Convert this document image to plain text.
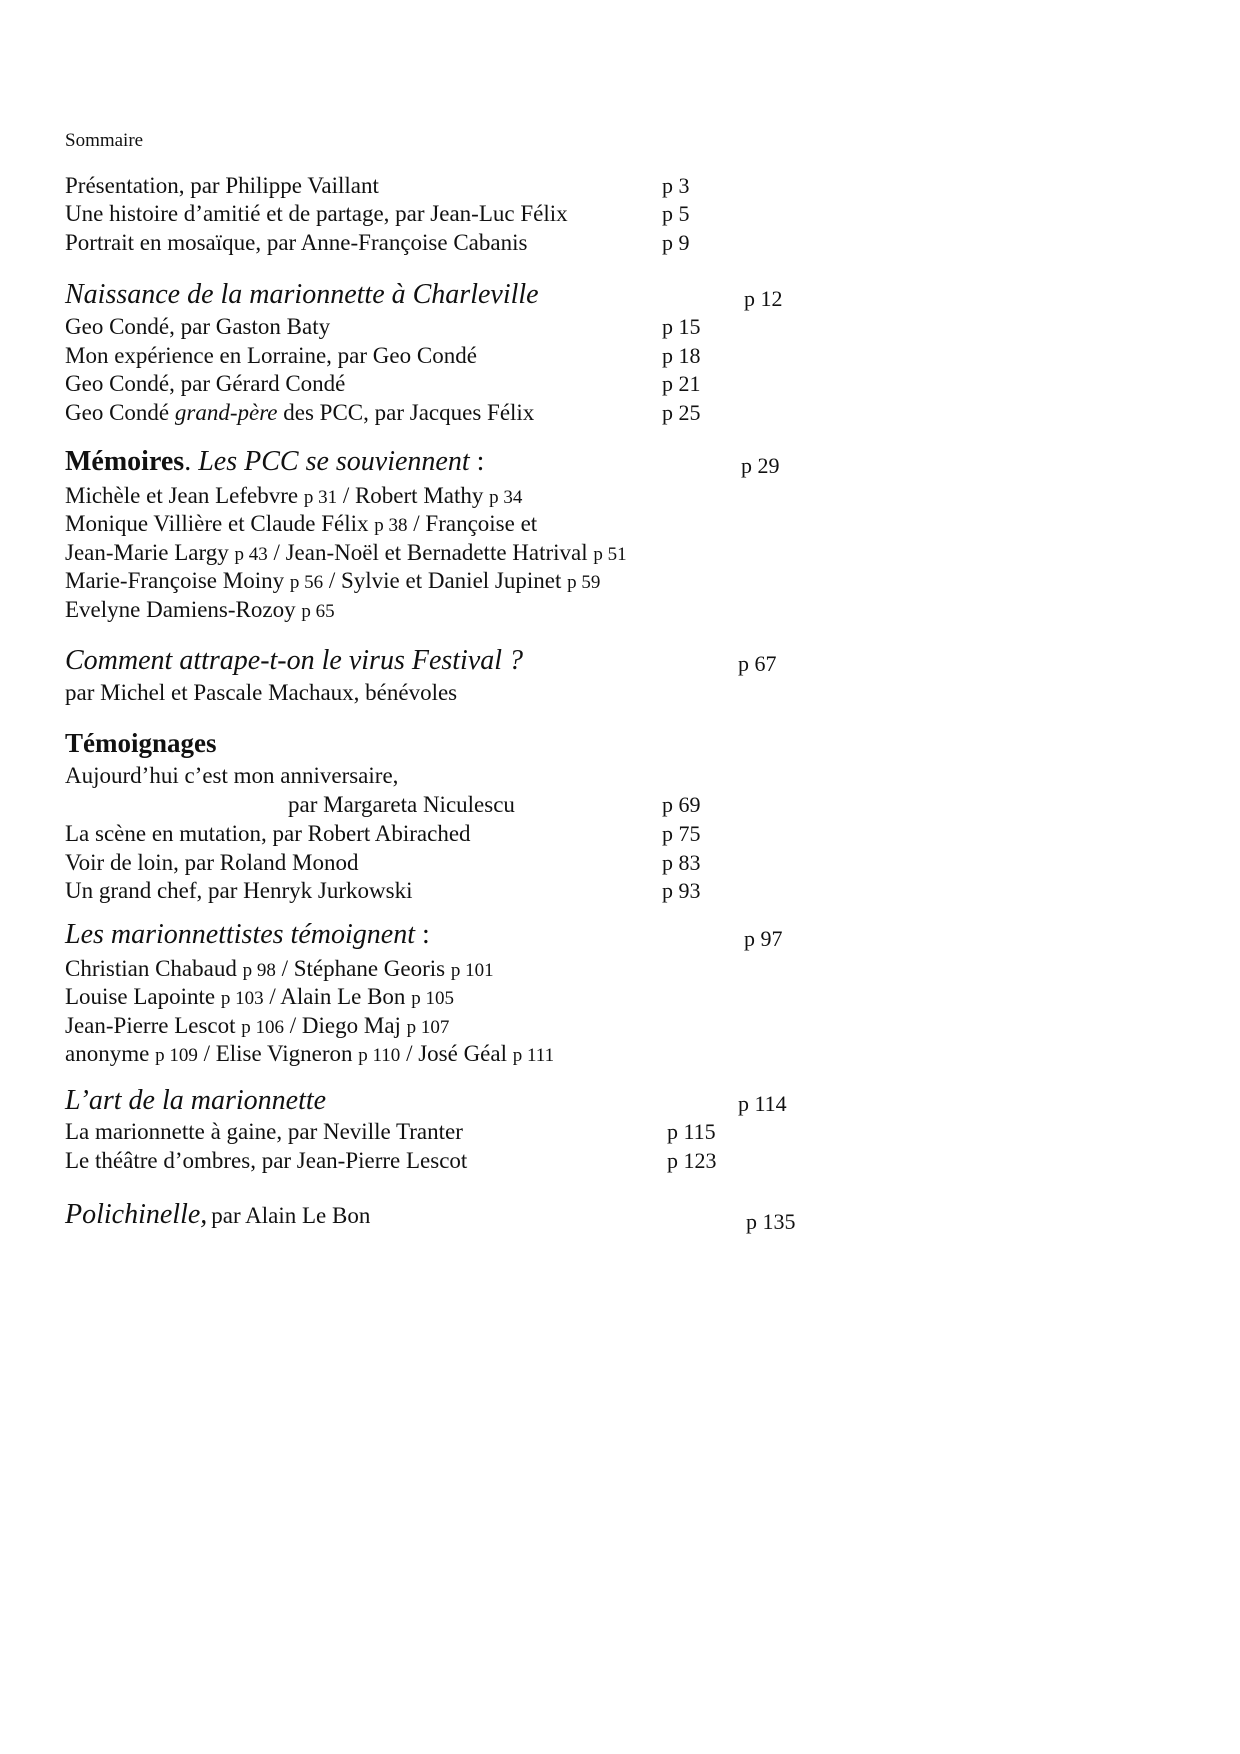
Sommaire
Présentation, par Philippe Vaillant	p 3
Une histoire d’amitié et de partage, par Jean-Luc Félix	p 5
Portrait en mosaïque, par Anne-Françoise Cabanis	p 9
Naissance de la marionnette à Charleville	p 12
Geo Condé, par Gaston Baty	p 15
Mon expérience en Lorraine, par Geo Condé	p 18
Geo Condé, par Gérard Condé	p 21
Geo Condé grand-père des PCC, par Jacques Félix	p 25
Mémoires. Les PCC se souviennent :	p 29
Michèle et Jean Lefebvre p 31 / Robert Mathy p 34
Monique Villière et Claude Félix p 38 / Françoise et
Jean-Marie Largy p 43 / Jean-Noël et Bernadette Hatrival p 51
Marie-Françoise Moiny p 56 / Sylvie et Daniel Jupinet p 59
Evelyne Damiens-Rozoy p 65
Comment attrape-t-on le virus Festival ?	p 67
par Michel et Pascale Machaux, bénévoles
Témoignages
Aujourd’hui c’est mon anniversaire,
par Margareta Niculescu	p 69
La scène en mutation, par Robert Abirached	p 75
Voir de loin, par Roland Monod	p 83
Un grand chef, par Henryk Jurkowski	p 93
Les marionnettistes témoignent :	p 97
Christian Chabaud p 98 / Stéphane Georis p 101
Louise Lapointe p 103 / Alain Le Bon p 105
Jean-Pierre Lescot p 106 / Diego Maj p 107
anonyme p 109 / Elise Vigneron p 110 / José Géal p 111
L’art de la marionnette	p 114
La marionnette à gaine, par Neville Tranter	p 115
Le théâtre d’ombres, par Jean-Pierre Lescot	p 123
Polichinelle, par Alain Le Bon	p 135
